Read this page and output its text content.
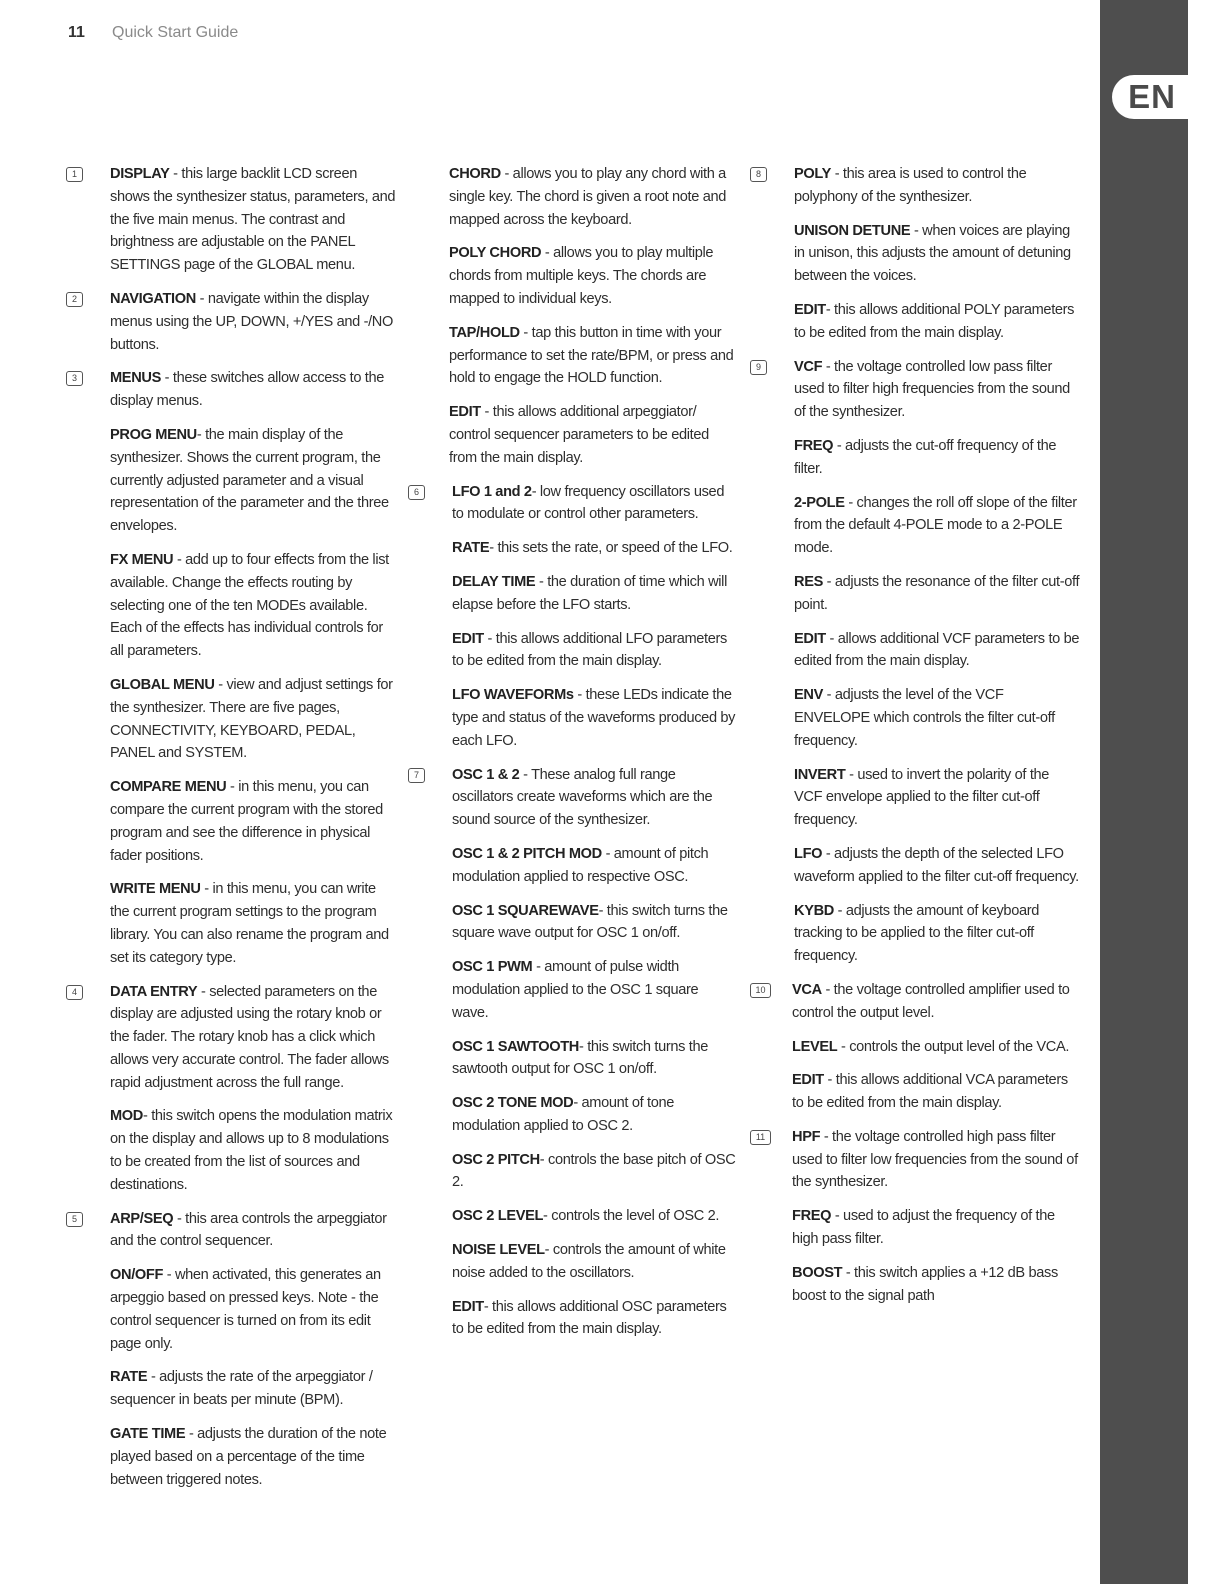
11	Quick Start Guide
EN
1	DISPLAY - this large backlit LCD screen shows the synthesizer status, parameters, and the five main menus. The contrast and brightness are adjustable on the PANEL SETTINGS page of the GLOBAL menu.

2	NAVIGATION - navigate within the display menus using the UP, DOWN, +/YES and -/NO buttons.

3	MENUS - these switches allow access to the display menus.

PROG MENU- the main display of the synthesizer. Shows the current program, the currently adjusted parameter and a visual representation of the parameter and the three envelopes.

FX MENU - add up to four effects from the list available. Change the effects routing by selecting one of the ten MODEs available. Each of the effects has individual controls for all parameters.

GLOBAL MENU - view and adjust settings for the synthesizer. There are five pages, CONNECTIVITY, KEYBOARD, PEDAL, PANEL and SYSTEM.

COMPARE MENU - in this menu, you can compare the current program with the stored program and see the difference in physical fader positions.

WRITE MENU - in this menu, you can write the current program settings to the program library. You can also rename the program and set its category type.

4	DATA ENTRY - selected parameters on the display are adjusted using the rotary knob or the fader. The rotary knob has a click which allows very accurate control. The fader allows rapid adjustment across the full range.

MOD- this switch opens the modulation matrix on the display and allows up to 8 modulations to be created from the list of sources and destinations.

5	ARP/SEQ - this area controls the arpeggiator and the control sequencer.

ON/OFF - when activated, this generates an arpeggio based on pressed keys. Note - the control sequencer is turned on from its edit page only.

RATE - adjusts the rate of the arpeggiator / sequencer in beats per minute (BPM).

GATE TIME - adjusts the duration of the note played based on a percentage of the time between triggered notes.

CHORD - allows you to play any chord with a single key. The chord is given a root note and mapped across the keyboard.

POLY CHORD - allows you to play multiple chords from multiple keys. The chords are mapped to individual keys.

TAP/HOLD - tap this button in time with your performance to set the rate/BPM, or press and hold to engage the HOLD function.

EDIT - this allows additional arpeggiator/ control sequencer parameters to be edited from the main display.

6	LFO 1 and 2- low frequency oscillators used to modulate or control other parameters.

RATE- this sets the rate, or speed of the LFO.

DELAY TIME - the duration of time which will elapse before the LFO starts.

EDIT - this allows additional LFO parameters to be edited from the main display.

LFO WAVEFORMs - these LEDs indicate the type and status of the waveforms produced by each LFO.

7	OSC 1 & 2 - These analog full range oscillators create waveforms which are the sound source of the synthesizer.

OSC 1 & 2 PITCH MOD - amount of pitch modulation applied to respective OSC.

OSC 1 SQUAREWAVE- this switch turns the square wave output for OSC 1 on/off.

OSC 1 PWM - amount of pulse width modulation applied to the OSC 1 square wave.

OSC 1 SAWTOOTH- this switch turns the sawtooth output for OSC 1 on/off.

OSC 2 TONE MOD- amount of tone modulation applied to OSC 2.

OSC 2 PITCH- controls the base pitch of OSC 2.

OSC 2 LEVEL- controls the level of OSC 2.

NOISE LEVEL- controls the amount of white noise added to the oscillators.

EDIT- this allows additional OSC parameters to be edited from the main display.

8	POLY - this area is used to control the polyphony of the synthesizer.

UNISON DETUNE - when voices are playing in unison, this adjusts the amount of detuning between the voices.

EDIT- this allows additional POLY parameters to be edited from the main display.

9	VCF - the voltage controlled low pass filter used to filter high frequencies from the sound of the synthesizer.

FREQ - adjusts the cut-off frequency of the filter.

2-POLE - changes the roll off slope of the filter from the default 4-POLE mode to a 2-POLE mode.

RES - adjusts the resonance of the filter cut-off point.

EDIT - allows additional VCF parameters to be edited from the main display.

ENV - adjusts the level of the VCF ENVELOPE which controls the filter cut-off frequency.

INVERT - used to invert the polarity of the VCF envelope applied to the filter cut-off frequency.

LFO - adjusts the depth of the selected LFO waveform applied to the filter cut-off frequency.

KYBD - adjusts the amount of keyboard tracking to be applied to the filter cut-off frequency.

10	VCA - the voltage controlled amplifier used to control the output level.

LEVEL - controls the output level of the VCA.

EDIT - this allows additional VCA parameters to be edited from the main display.

11	HPF - the voltage controlled high pass filter used to filter low frequencies from the sound of the synthesizer.

FREQ - used to adjust the frequency of the high pass filter.

BOOST - this switch applies a +12 dB bass boost to the signal path
